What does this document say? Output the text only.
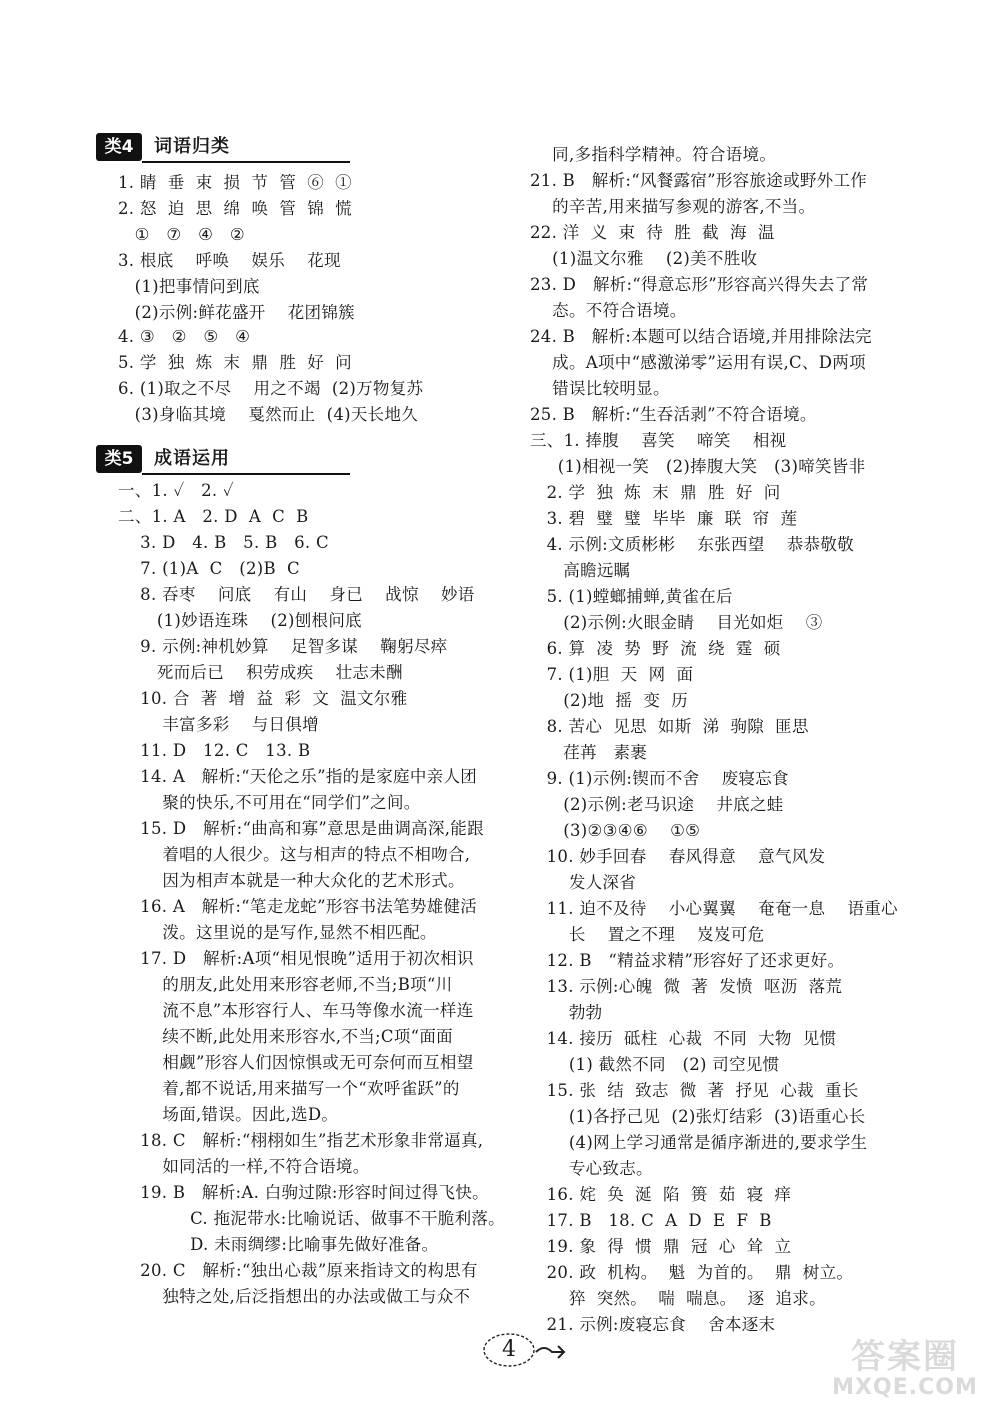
1. 睛  垂  束  损  节  管  ⑥  ①
2. 怒  迫  思  绵  唤  管  锦  慌
①   ⑦   ④   ②
3. 根底    呼唤    娱乐    花现
(1)把事情问到底
(2)示例:鲜花盛开    花团锦簇
4. ③   ②   ⑤   ④
5. 学  独  炼  末  鼎  胜  好  问
6. (1)取之不尽    用之不竭  (2)万物复苏
(3)身临其境    戛然而止  (4)天长地久
一、1. ✓   2. ✓
二、1. A   2. D  A  C  B
3. D   4. B   5. B   6. C
7. (1)A  C   (2)B  C
8. 吞枣    问底    有山    身已    战惊    妙语
(1)妙语连珠    (2)刨根问底
9. 示例:神机妙算    足智多谋    鞠躬尽瘁
死而后已    积劳成疾    壮志未酬
10. 合  著  增  益  彩  文  温文尔雅
丰富多彩    与日俱增
11. D   12. C   13. B
14. A   解析:“天伦之乐”指的是家庭中亲人团
聚的快乐,不可用在“同学们”之间。
15. D   解析:“曲高和寡”意思是曲调高深,能跟
着唱的人很少。这与相声的特点不相吻合,
因为相声本就是一种大众化的艺术形式。
16. A   解析:“笔走龙蛇”形容书法笔势雄健活
泼。这里说的是写作,显然不相匹配。
17. D   解析:A项“相见恨晚”适用于初次相识
的朋友,此处用来形容老师,不当;B项“川
流不息”本形容行人、车马等像水流一样连
续不断,此处用来形容水,不当;C项“面面
相觑”形容人们因惊惧或无可奈何而互相望
着,都不说话,用来描写一个“欢呼雀跃”的
场面,错误。因此,选D。
18. C   解析:“栩栩如生”指艺术形象非常逼真,
如同活的一样,不符合语境。
19. B   解析:A. 白驹过隙:形容时间过得飞快。
C. 拖泥带水:比喻说话、做事不干脆利落。
D. 未雨绸缪:比喻事先做好准备。
20. C   解析:“独出心裁”原来指诗文的构思有
独特之处,后泛指想出的办法或做工与众不
同,多指科学精神。符合语境。
21. B   解析:“风餐露宿”形容旅途或野外工作
的辛苦,用来描写参观的游客,不当。
22. 洋  义  束  待  胜  截  海  温
(1)温文尔雅    (2)美不胜收
23. D   解析:“得意忘形”形容高兴得失去了常
态。不符合语境。
24. B   解析:本题可以结合语境,并用排除法完
成。A项中“感激涕零”运用有误,C、D两项
错误比较明显。
25. B   解析:“生吞活剥”不符合语境。
三、1. 捧腹    喜笑    啼笑    相视
(1)相视一笑   (2)捧腹大笑   (3)啼笑皆非
2. 学  独  炼  末  鼎  胜  好  问
3. 碧  璧  璧  毕毕  廉  联  帘  莲
4. 示例:文质彬彬    东张西望    恭恭敬敬
高瞻远瞩
5. (1)螳螂捕蝉,黄雀在后
(2)示例:火眼金睛    目光如炬    ③
6. 算  凌  势  野  流  绕  霆  硕
7. (1)胆  天  网  面
(2)地  摇  变  历
8. 苦心  见思  如斯  涕  驹隙  匪思
荏苒   素裹
9. (1)示例:锲而不舍    废寝忘食
(2)示例:老马识途    井底之蛙
(3)②③④⑥    ①⑤
10. 妙手回春    春风得意    意气风发
发人深省
11. 迫不及待    小心翼翼    奄奄一息    语重心
长    置之不理    岌岌可危
12. B   “精益求精”形容好了还求更好。
13. 示例:心魄  微  著  发愤  呕沥  落荒
勃勃
14. 接历  砥柱  心裁  不同  大物  见惯
(1) 截然不同   (2) 司空见惯
15. 张  结  致志  微  著  抒见  心裁  重长
(1)各抒己见  (2)张灯结彩  (3)语重心长
(4)网上学习通常是循序渐进的,要求学生
专心致志。
16. 姹  奂  涎  陷  篑  茹  寝  痒
17. B   18. C  A  D  E  F  B
19. 象  得  惯  鼎  冠  心  耸  立
20. 政  机构。  魁  为首的。  鼎  树立。
猝  突然。  喘  喘息。  逐  追求。
21. 示例:废寝忘食    舍本逐末
类4	词语归类
类5	成语运用
4	答案圈
MXQE.COM
